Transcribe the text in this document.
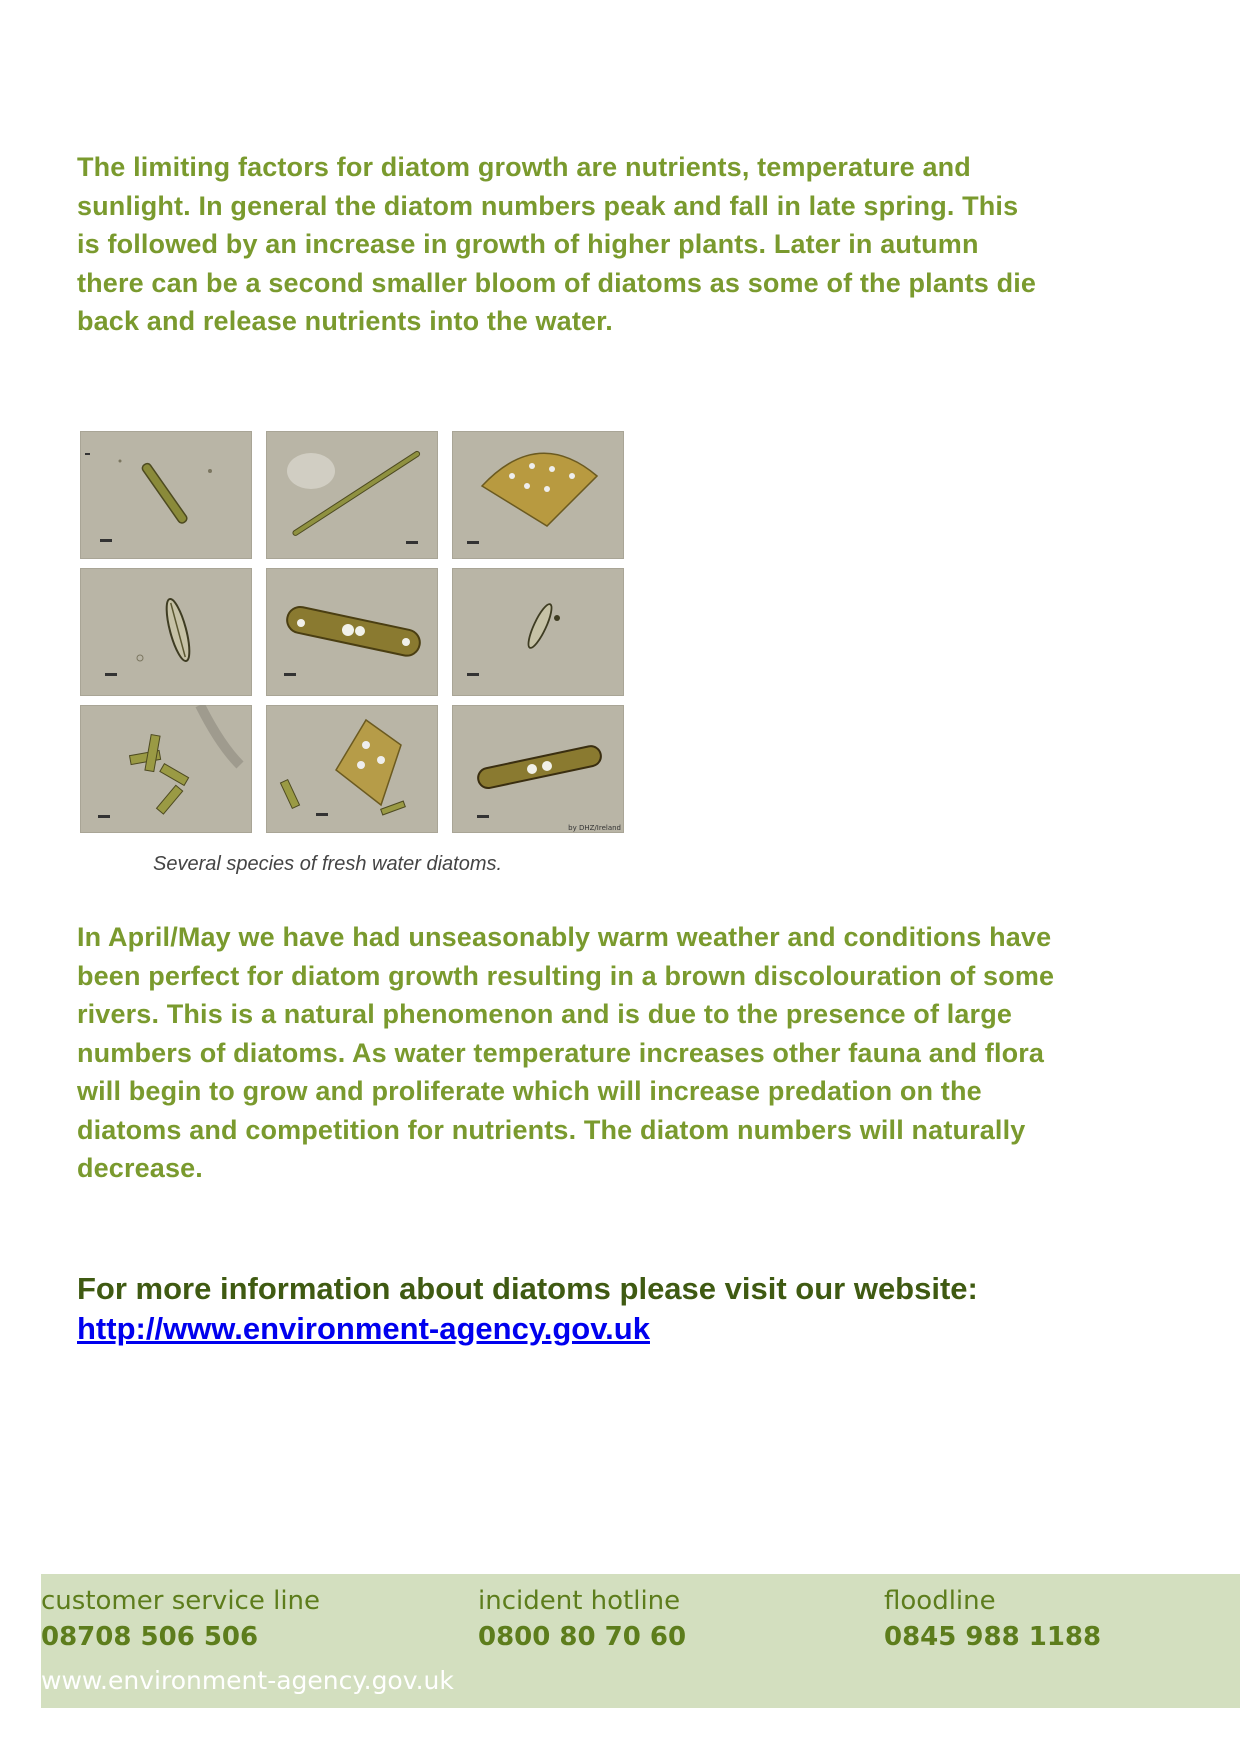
The limiting factors for diatom growth are nutrients, temperature and
sunlight. In general the diatom numbers peak and fall in late spring. This
is followed by an increase in growth of higher plants. Later in autumn
there can be a second smaller bloom of diatoms as some of the plants die
back and release nutrients into the water.

by DHZ/Ireland

Several species of fresh water diatoms.

In April/May we have had unseasonably warm weather and conditions have
been perfect for diatom growth resulting in a brown discolouration of some
rivers. This is a natural phenomenon and is due to the presence of large
numbers of diatoms. As water temperature increases other fauna and flora
will begin to grow and proliferate which will increase predation on the
diatoms and competition for nutrients. The diatom numbers will naturally
decrease.

For more information about diatoms please visit our website:

http://www.environment-agency.gov.uk
customer service line
08708 506 506
incident hotline
0800 80 70 60
floodline
0845 988 1188
www.environment-agency.gov.uk
